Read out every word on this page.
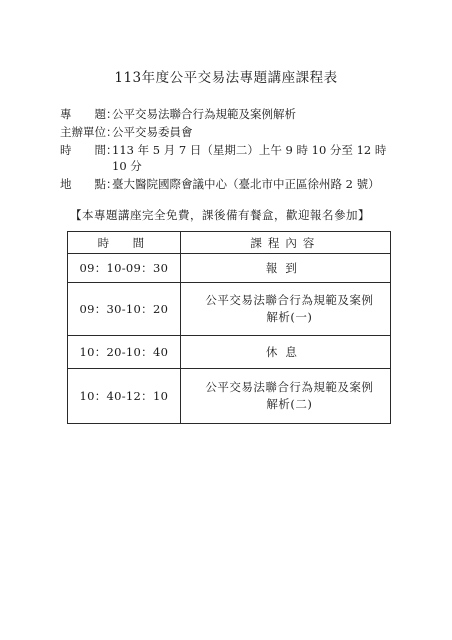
113年度公平交易法專題講座課程表
專　　題：公平交易法聯合行為規範及案例解析
主辦單位：公平交易委員會
時　　間：113 年 5 月 7 日（星期二）上午 9 時 10 分至 12 時
10 分
地　　點：臺大醫院國際會議中心（臺北市中正區徐州路 2 號）
【本專題講座完全免費，課後備有餐盒，歡迎報名參加】
時　間	課程內容
09：10-09：30	報到
09：30-10：20	公平交易法聯合行為規範及案例解析(一)
10：20-10：40	休息
10：40-12：10	公平交易法聯合行為規範及案例解析(二)
